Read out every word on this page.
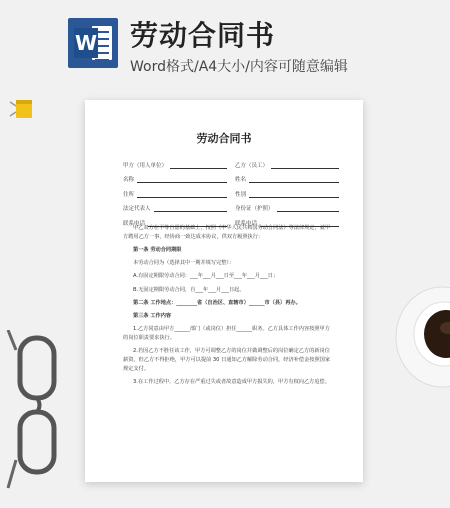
W 劳动合同书
Word格式/A4大小/内容可随意编辑
劳动合同书
甲方（用人单位）	乙方（员工）
名称	姓名
住所	性别
法定代表人	身份证（护照）
联系电话	联系电话

甲乙双方在平等自愿的基础上，按照《中华人民共和国劳动合同法》等法律规定，就甲方聘用乙方一事，经协商一致达成本协议，供双方履照执行：

第一条 劳动合同期限

本劳动合同为（选择其中一期并填写完整）：

A.有固定期限劳动合同：___年___月___日至___年___月___日；

B.无固定期限劳动合同，自___年___月___日起。

第二条 工作地点：________省（自治区、直辖市）______市（县）再办。

第三条 工作内容

1.乙方同意由甲方______部门（或岗位）担任______职务。乙方具体工作内容按照甲方的岗位职责要求执行。

2.若因乙方不胜任该工作，甲方可调整乙方的岗位并做调整后的岗位确定乙方的新岗位薪资，但乙方不得拒绝，甲方可以提前 30 日通知乙方解除劳动合同，经济补偿金按照国家规定支付。

3.在工作过程中，乙方存在严重过失或者故意造成甲方损失的，甲方有权向乙方追偿。
